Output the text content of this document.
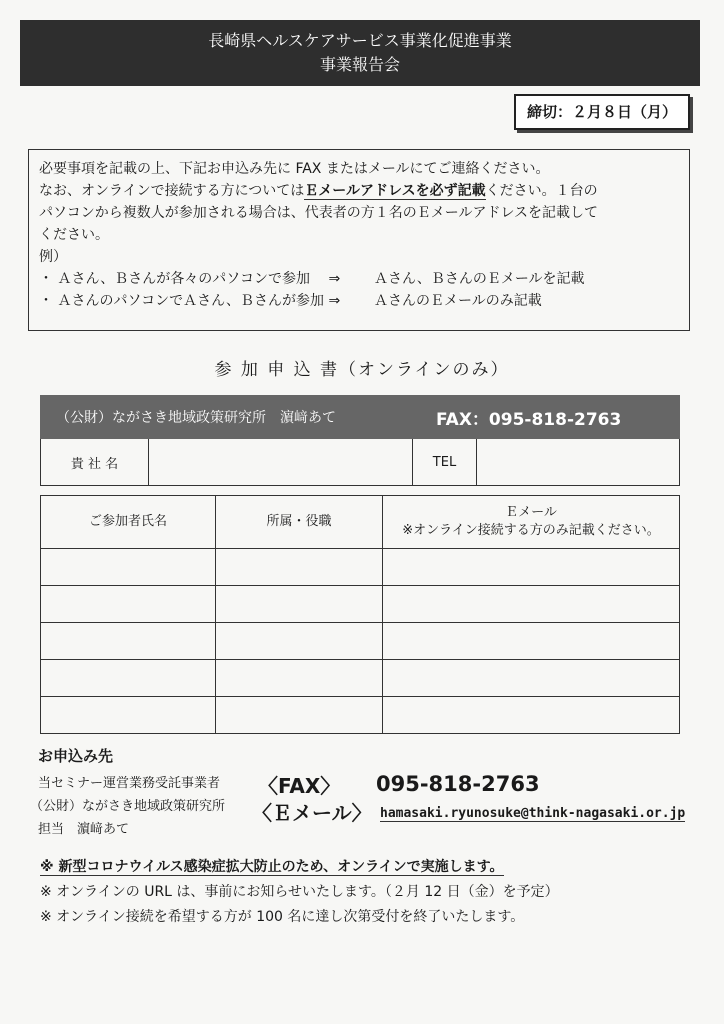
長崎県ヘルスケアサービス事業化促進事業
事業報告会
締切：２月８日（月）
必要事項を記載の上、下記お申込み先に FAX またはメールにてご連絡ください。
なお、オンラインで接続する方についてはＥメールアドレスを必ず記載ください。１台の
パソコンから複数人が参加される場合は、代表者の方１名のＥメールアドレスを記載して
ください。
例）
・ Ａさん、Ｂさんが各々のパソコンで参加　 ⇒	Ａさん、ＢさんのＥメールを記載
・ ＡさんのパソコンでＡさん、Ｂさんが参加 ⇒	ＡさんのＥメールのみ記載
参 加 申 込 書（オンラインのみ）
（公財）ながさき地域政策研究所　濵﨑あて	FAX：095-818-2763
貴 社 名	TEL
ご参加者氏名	所属・役職	Ｅメール
※オンライン接続する方のみ記載ください。

お申込み先
当セミナー運営業務受託事業者
（公財）ながさき地域政策研究所
担当　濵﨑あて
〈FAX〉 095-818-2763
〈Ｅメール〉 hamasaki.ryunosuke@think-nagasaki.or.jp
※ 新型コロナウイルス感染症拡大防止のため、オンラインで実施します。
※ オンラインの URL は、事前にお知らせいたします。（２月 12 日（金）を予定）
※ オンライン接続を希望する方が 100 名に達し次第受付を終了いたします。
